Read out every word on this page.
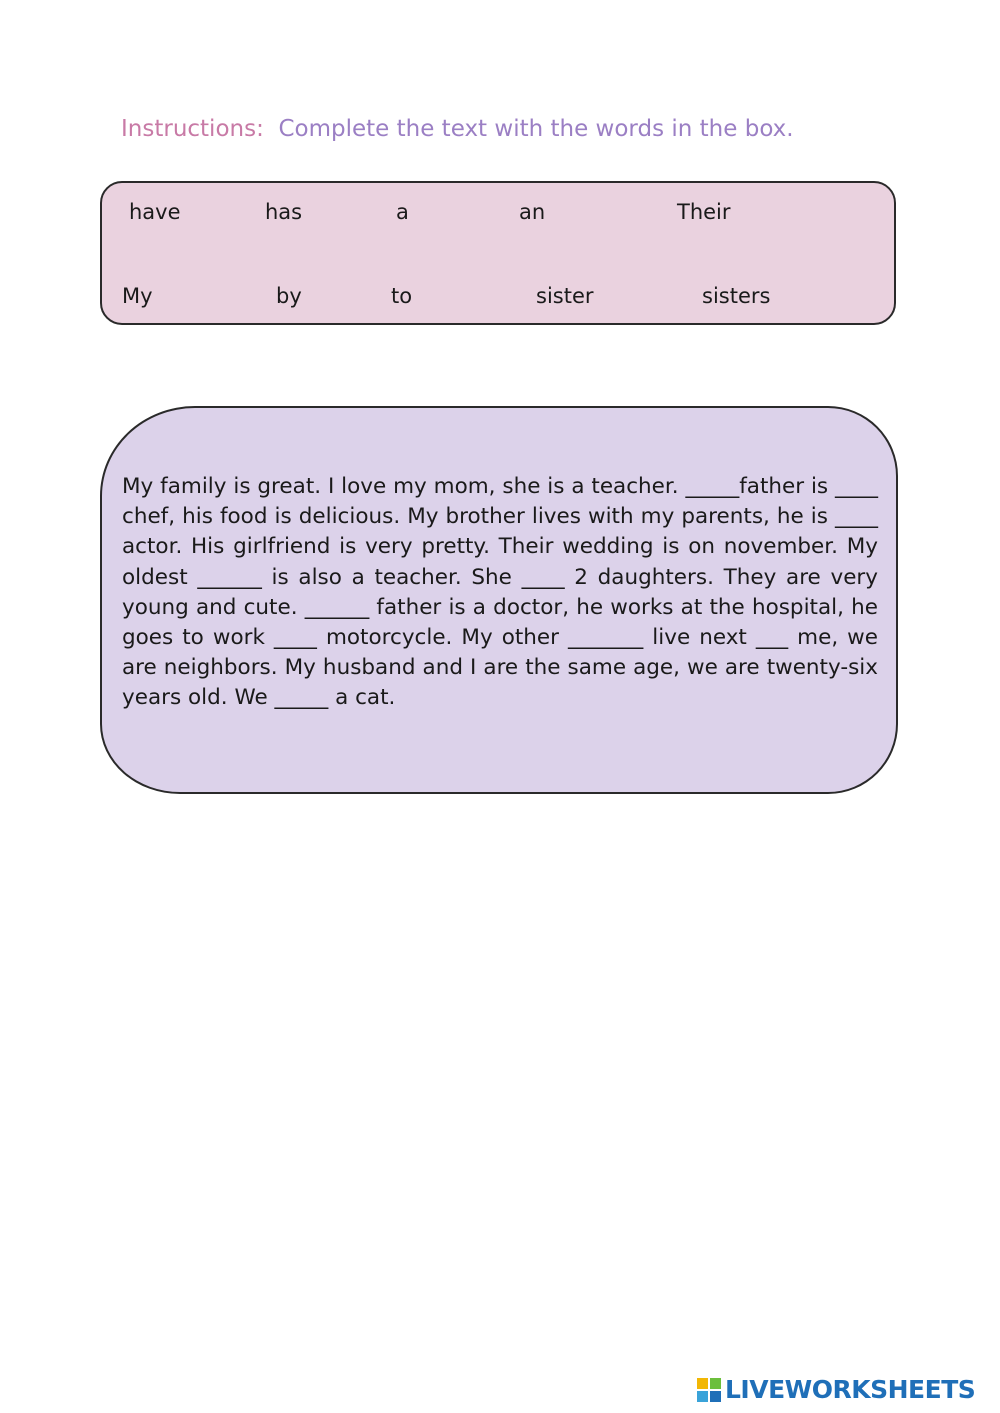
Instructions: Complete the text with the words in the box.
have	has	a	an	Their
My	by	to	sister	sisters

My family is great. I love my mom, she is a teacher. _____father is ____ chef, his food is delicious. My brother lives with my parents, he is ____ actor. His girlfriend is very pretty. Their wedding is on november. My oldest ______ is also a teacher. She ____ 2 daughters. They are very young and cute. ______ father is a doctor, he works at the hospital, he goes to work ____ motorcycle. My other _______ live next ___ me, we are neighbors. My husband and I are the same age, we are twenty-six years old. We _____ a cat.

LIVEWORKSHEETS
